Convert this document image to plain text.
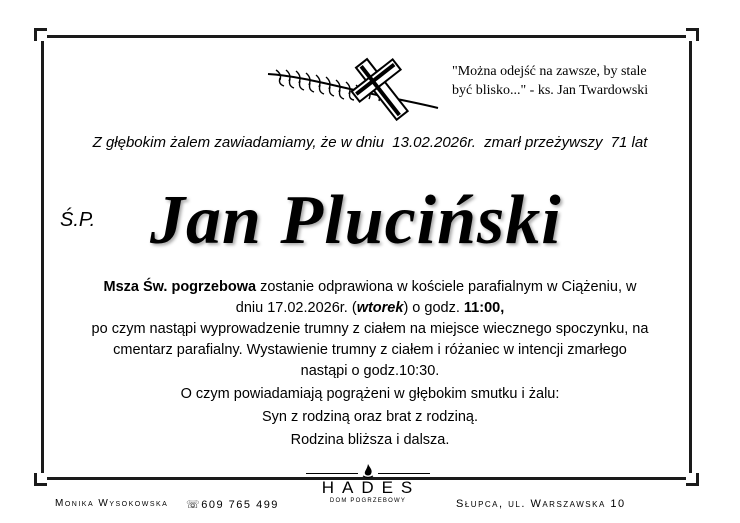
"Można odejść na zawsze, by stale
być blisko..." - ks. Jan Twardowski
Z głębokim żalem zawiadamiamy, że w dniu 13.02.2026r. zmarł przeżywszy 71 lat
Ś.P. Jan Pluciński

Msza Św. pogrzebowa zostanie odprawiona w kościele parafialnym w Ciążeniu, w

dniu 17.02.2026r. (wtorek) o godz. 11:00,

po czym nastąpi wyprowadzenie trumny z ciałem na miejsce wiecznego spoczynku, na

cmentarz parafialny. Wystawienie trumny z ciałem i różaniec w intencji zmarłego

nastąpi o godz.10:30.

O czym powiadamiają pogrążeni w głębokim smutku i żalu:

Syn z rodziną oraz brat z rodziną.

Rodzina bliższa i dalsza.

Monika Wysokowska ☏609 765 499
HADES
DOM POGRZEBOWY	Słupca, ul. Warszawska 10
